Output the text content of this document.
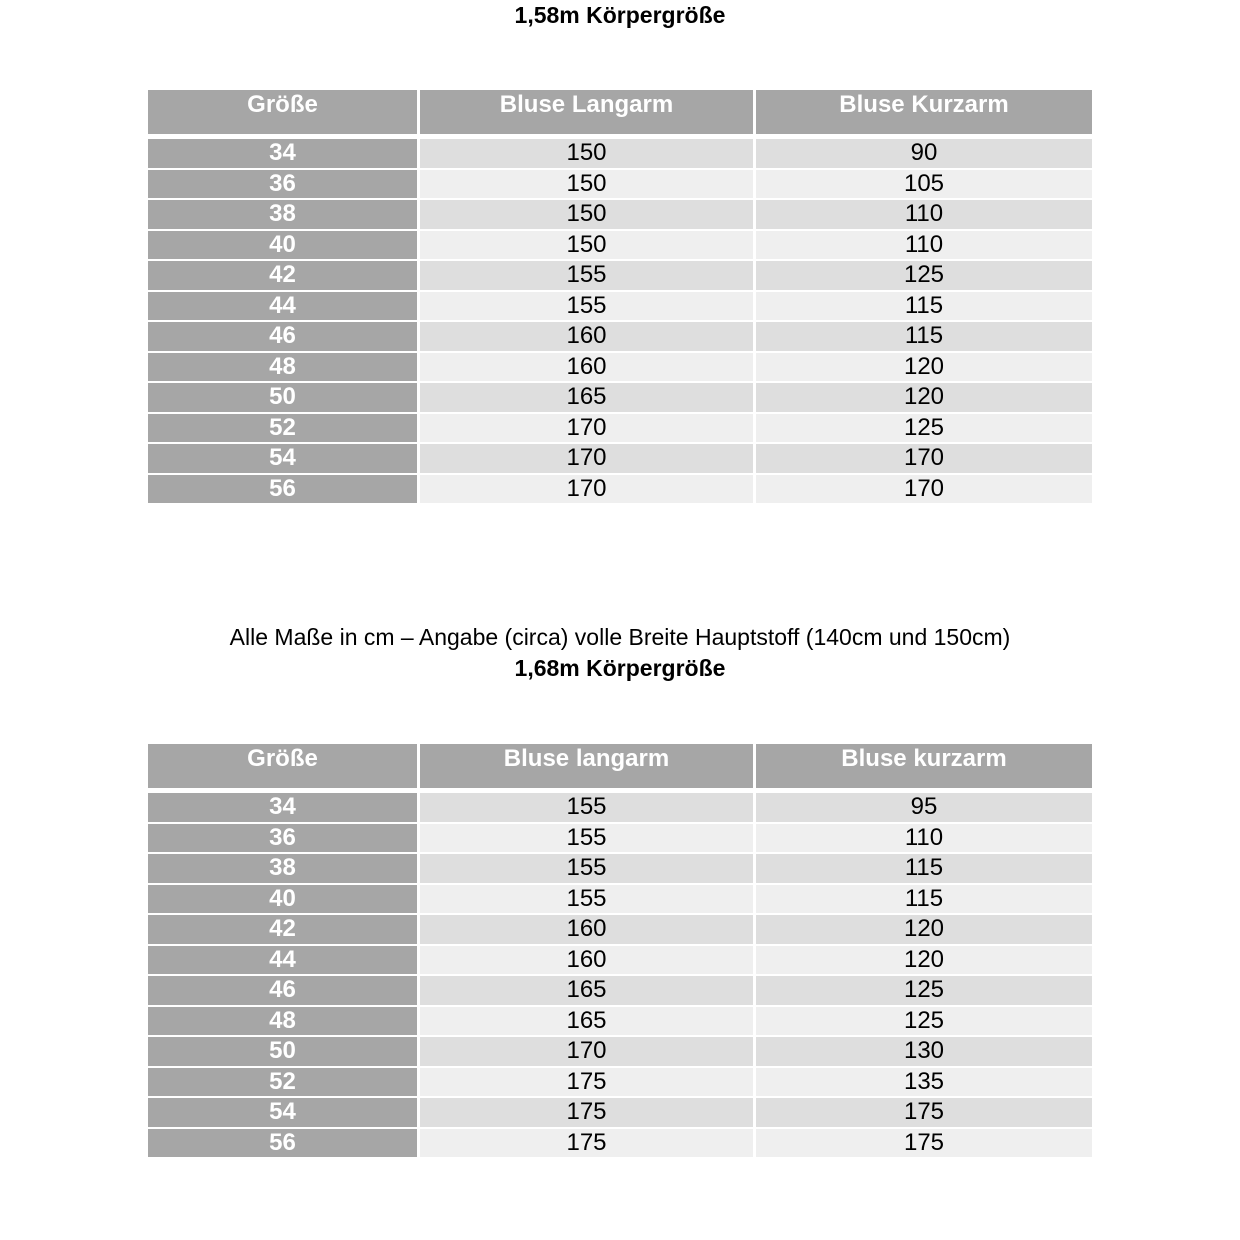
1,58m Körpergröße
Größe	Bluse Langarm	Bluse Kurzarm
34	150	90
36	150	105
38	150	110
40	150	110
42	155	125
44	155	115
46	160	115
48	160	120
50	165	120
52	170	125
54	170	170
56	170	170
Alle Maße in cm – Angabe (circa) volle Breite Hauptstoff (140cm und 150cm)
1,68m Körpergröße
Größe	Bluse langarm	Bluse kurzarm
34	155	95
36	155	110
38	155	115
40	155	115
42	160	120
44	160	120
46	165	125
48	165	125
50	170	130
52	175	135
54	175	175
56	175	175
